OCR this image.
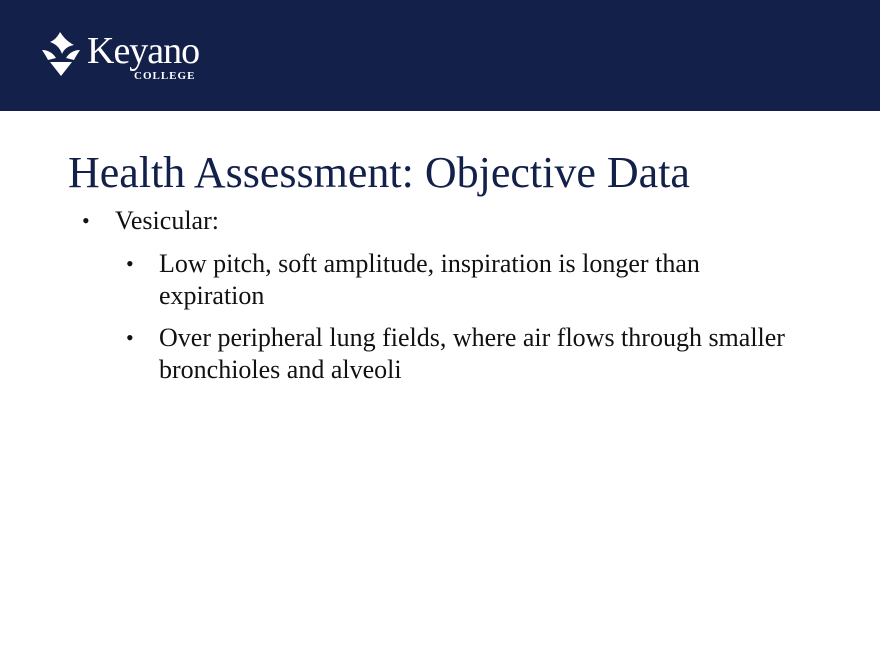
Keyano
COLLEGE
Health Assessment: Objective Data
• Vesicular:
• Low pitch, soft amplitude, inspiration is longer than expiration
• Over peripheral lung fields, where air flows through smaller bronchioles and alveoli
